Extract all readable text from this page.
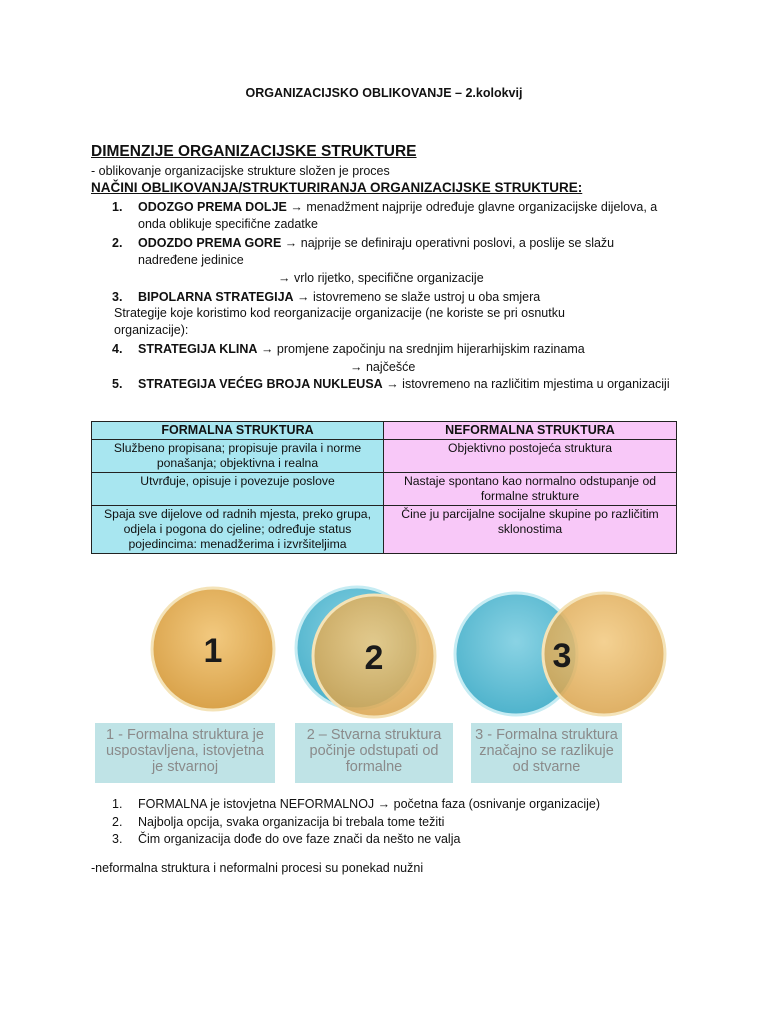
ORGANIZACIJSKO OBLIKOVANJE – 2.kolokvij
DIMENZIJE ORGANIZACIJSKE STRUKTURE
- oblikovanje organizacijske strukture složen je proces
NAČINI OBLIKOVANJA/STRUKTURIRANJA ORGANIZACIJSKE STRUKTURE:
1. ODOZGO PREMA DOLJE → menadžment najprije određuje glavne organizacijske dijelova, a
onda oblikuje specifične zadatke
2. ODOZDO PREMA GORE → najprije se definiraju operativni poslovi, a poslije se slažu
nadređene jedinice
→ vrlo rijetko, specifične organizacije
3. BIPOLARNA STRATEGIJA → istovremeno se slaže ustroj u oba smjera
Strategije koje koristimo kod reorganizacije organizacije (ne koriste se pri osnutku
organizacije):
4. STRATEGIJA KLINA → promjene započinju na srednjim hijerarhijskim razinama
→ najčešće
5. STRATEGIJA VEĆEG BROJA NUKLEUSA → istovremeno na različitim mjestima u organizaciji
FORMALNA STRUKTURA	NEFORMALNA STRUKTURA
Službeno propisana; propisuje pravila i norme ponašanja; objektivna i realna	Objektivno postojeća struktura
Utvrđuje, opisuje i povezuje poslove	Nastaje spontano kao normalno odstupanje od formalne strukture
Spaja sve dijelove od radnih mjesta, preko grupa, odjela i pogona do cjeline; određuje status pojedincima: menadžerima i izvršiteljima	Čine ju parcijalne socijalne skupine po različitim sklonostima
1	2	3
1 - Formalna struktura je
uspostavljena, istovjetna
je stvarnoj
2 – Stvarna struktura
počinje odstupati od
formalne
3 - Formalna struktura
značajno se razlikuje
od stvarne
1. FORMALNA je istovjetna NEFORMALNOJ → početna faza (osnivanje organizacije)
2. Najbolja opcija, svaka organizacija bi trebala tome težiti
3. Čim organizacija dođe do ove faze znači da nešto ne valja
-neformalna struktura i neformalni procesi su ponekad nužni
